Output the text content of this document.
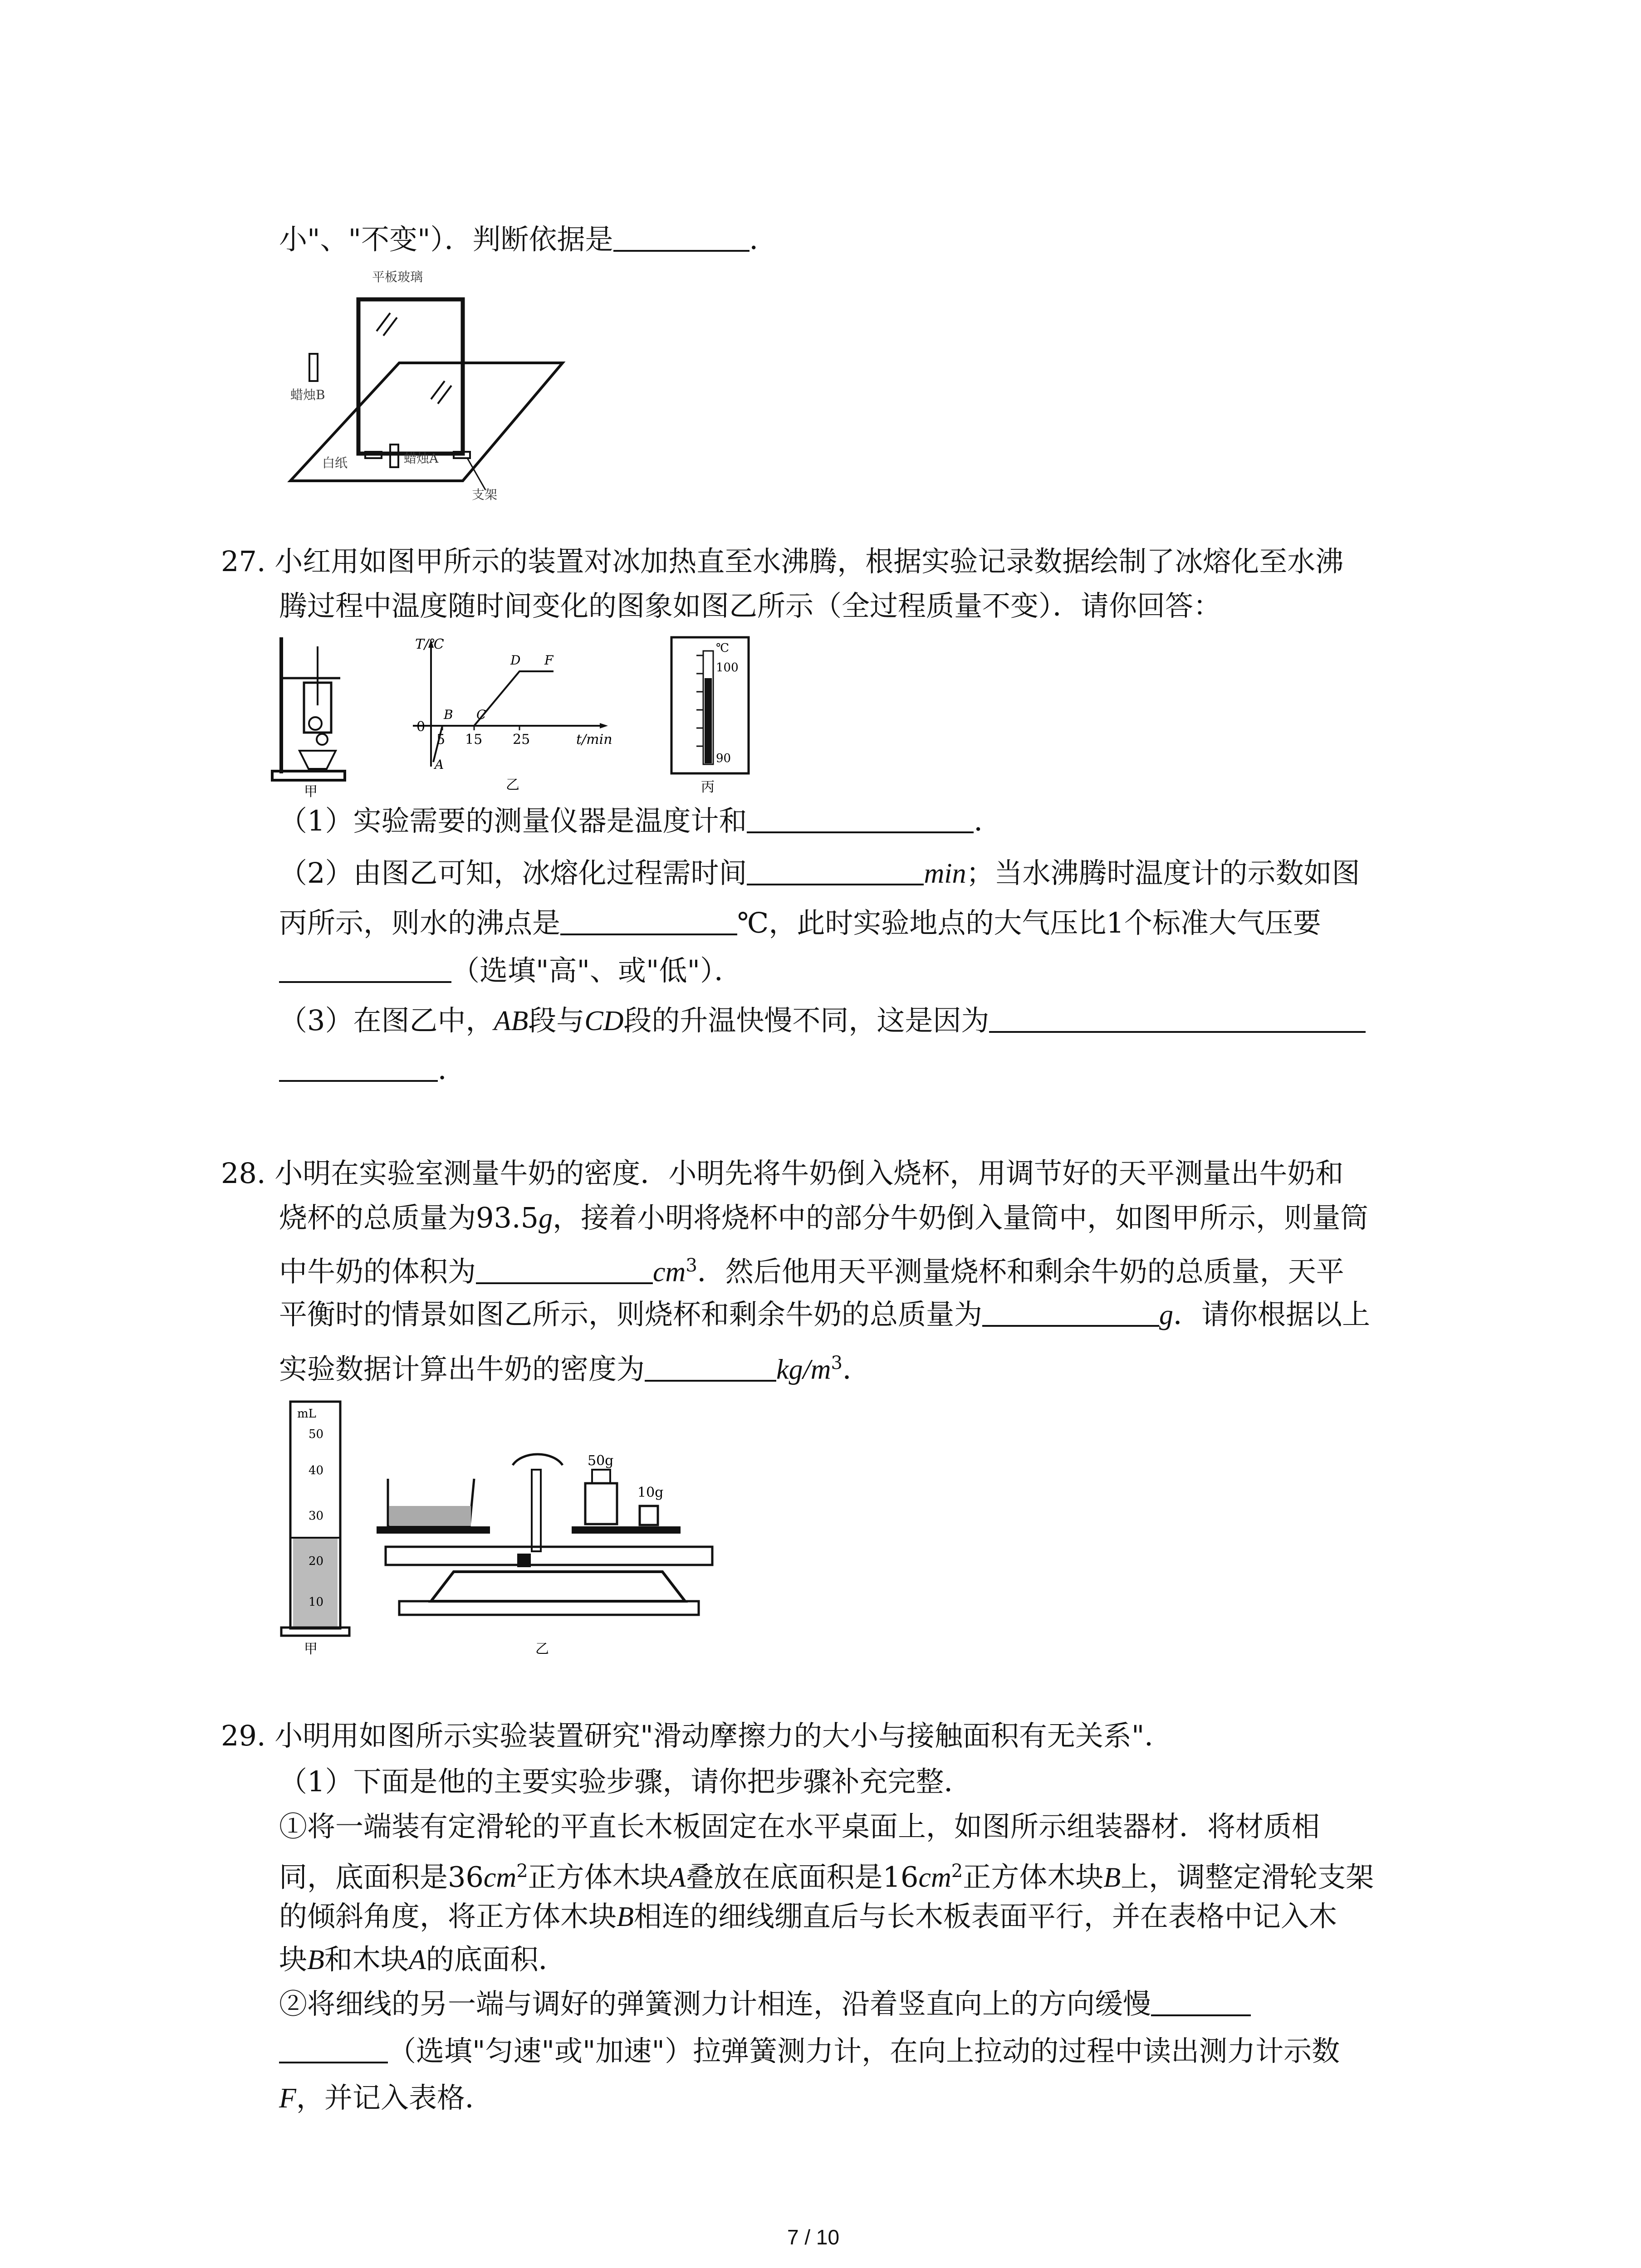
小"、"不变"）．判断依据是	．
平板玻璃
蜡烛B
蜡烛A
白纸
支架
27. 小红用如图甲所示的装置对冰加热直至水沸腾，根据实验记录数据绘制了冰熔化至水沸
腾过程中温度随时间变化的图象如图乙所示（全过程质量不变）．请你回答：
甲
T/℃
t/min
0
5 15 25
A
B C
D F
乙
℃
100
90
丙
（1）实验需要的测量仪器是温度计和	．
（2）由图乙可知，冰熔化过程需时间	min；当水沸腾时温度计的示数如图
丙所示，则水的沸点是	℃，此时实验地点的大气压比1个标准大气压要
（选填"高"、或"低"）．
（3）在图乙中，AB段与CD段的升温快慢不同，这是因为
．
28. 小明在实验室测量牛奶的密度．小明先将牛奶倒入烧杯，用调节好的天平测量出牛奶和
烧杯的总质量为93.5g，接着小明将烧杯中的部分牛奶倒入量筒中，如图甲所示，则量筒
中牛奶的体积为	$cm^3$．然后他用天平测量烧杯和剩余牛奶的总质量，天平
平衡时的情景如图乙所示，则烧杯和剩余牛奶的总质量为	g．请你根据以上
实验数据计算出牛奶的密度为	$kg/m^3$．
mL
50
40
30
20
10
甲
50g
10g
乙
29. 小明用如图所示实验装置研究"滑动摩擦力的大小与接触面积有无关系"．
（1）下面是他的主要实验步骤，请你把步骤补充完整．
①将一端装有定滑轮的平直长木板固定在水平桌面上，如图所示组装器材．将材质相
同，底面积是$36cm^2$正方体木块A叠放在底面积是$16cm^2$正方体木块B上，调整定滑轮支架
的倾斜角度，将正方体木块B相连的细线绷直后与长木板表面平行，并在表格中记入木
块B和木块A的底面积．
②将细线的另一端与调好的弹簧测力计相连，沿着竖直向上的方向缓慢
（选填"匀速"或"加速"）拉弹簧测力计，在向上拉动的过程中读出测力计示数
F，并记入表格．
7 / 10
